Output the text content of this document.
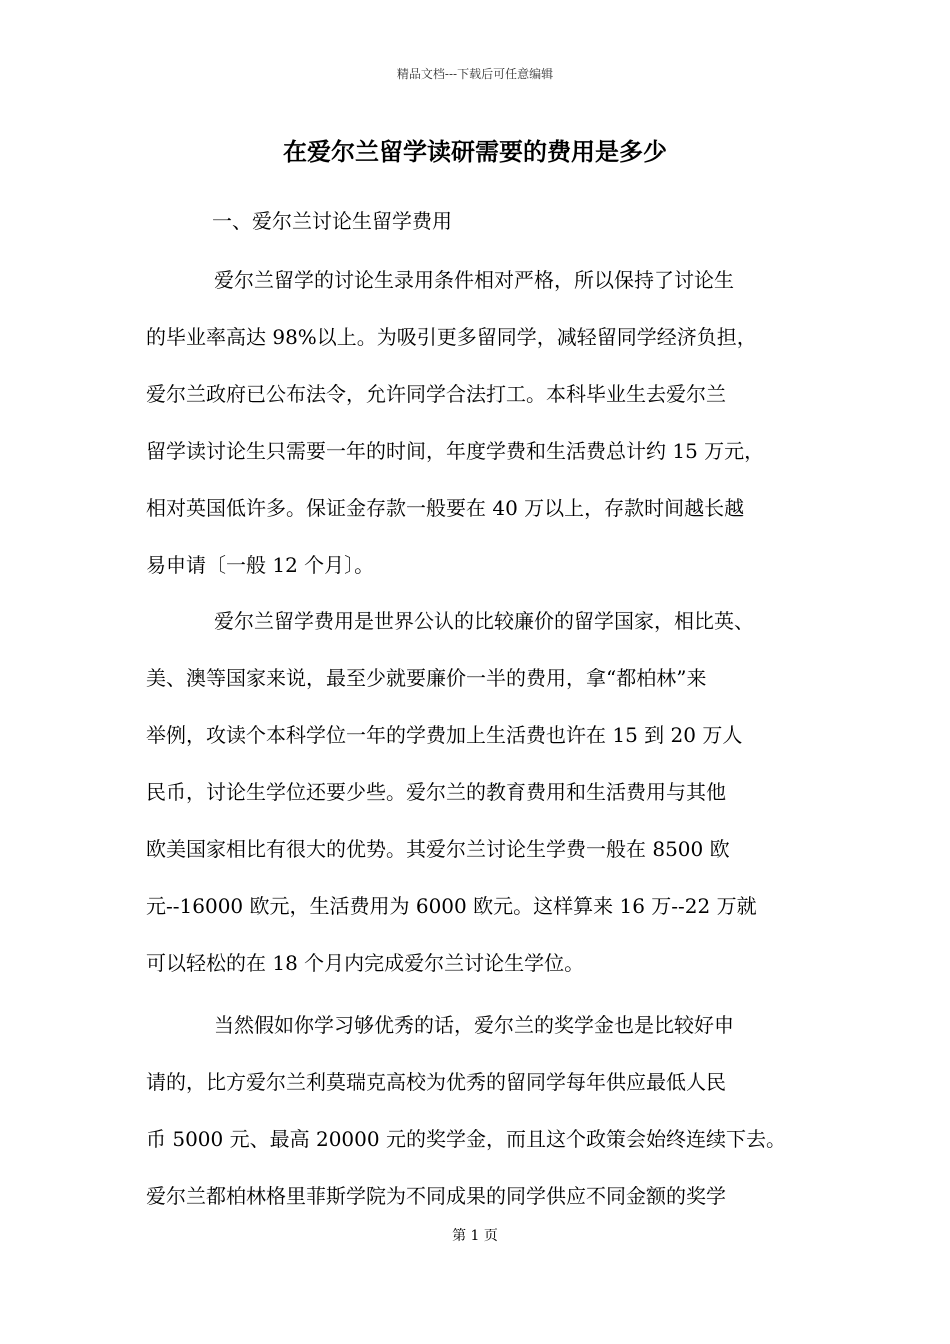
精品文档---下载后可任意编辑
在爱尔兰留学读研需要的费用是多少
一、爱尔兰讨论生留学费用
爱尔兰留学的讨论生录用条件相对严格，所以保持了讨论生
的毕业率高达 98%以上。为吸引更多留同学，减轻留同学经济负担，
爱尔兰政府已公布法令，允许同学合法打工。本科毕业生去爱尔兰
留学读讨论生只需要一年的时间，年度学费和生活费总计约 15 万元，
相对英国低许多。保证金存款一般要在 40 万以上，存款时间越长越
易申请〔一般 12 个月〕。
爱尔兰留学费用是世界公认的比较廉价的留学国家，相比英、
美、澳等国家来说，最至少就要廉价一半的费用，拿“都柏林”来
举例，攻读个本科学位一年的学费加上生活费也许在 15 到 20 万人
民币，讨论生学位还要少些。爱尔兰的教育费用和生活费用与其他
欧美国家相比有很大的优势。其爱尔兰讨论生学费一般在 8500 欧
元--16000 欧元，生活费用为 6000 欧元。这样算来 16 万--22 万就
可以轻松的在 18 个月内完成爱尔兰讨论生学位。
当然假如你学习够优秀的话，爱尔兰的奖学金也是比较好申
请的，比方爱尔兰利莫瑞克高校为优秀的留同学每年供应最低人民
币 5000 元、最高 20000 元的奖学金，而且这个政策会始终连续下去。
爱尔兰都柏林格里菲斯学院为不同成果的同学供应不同金额的奖学
第 1 页
